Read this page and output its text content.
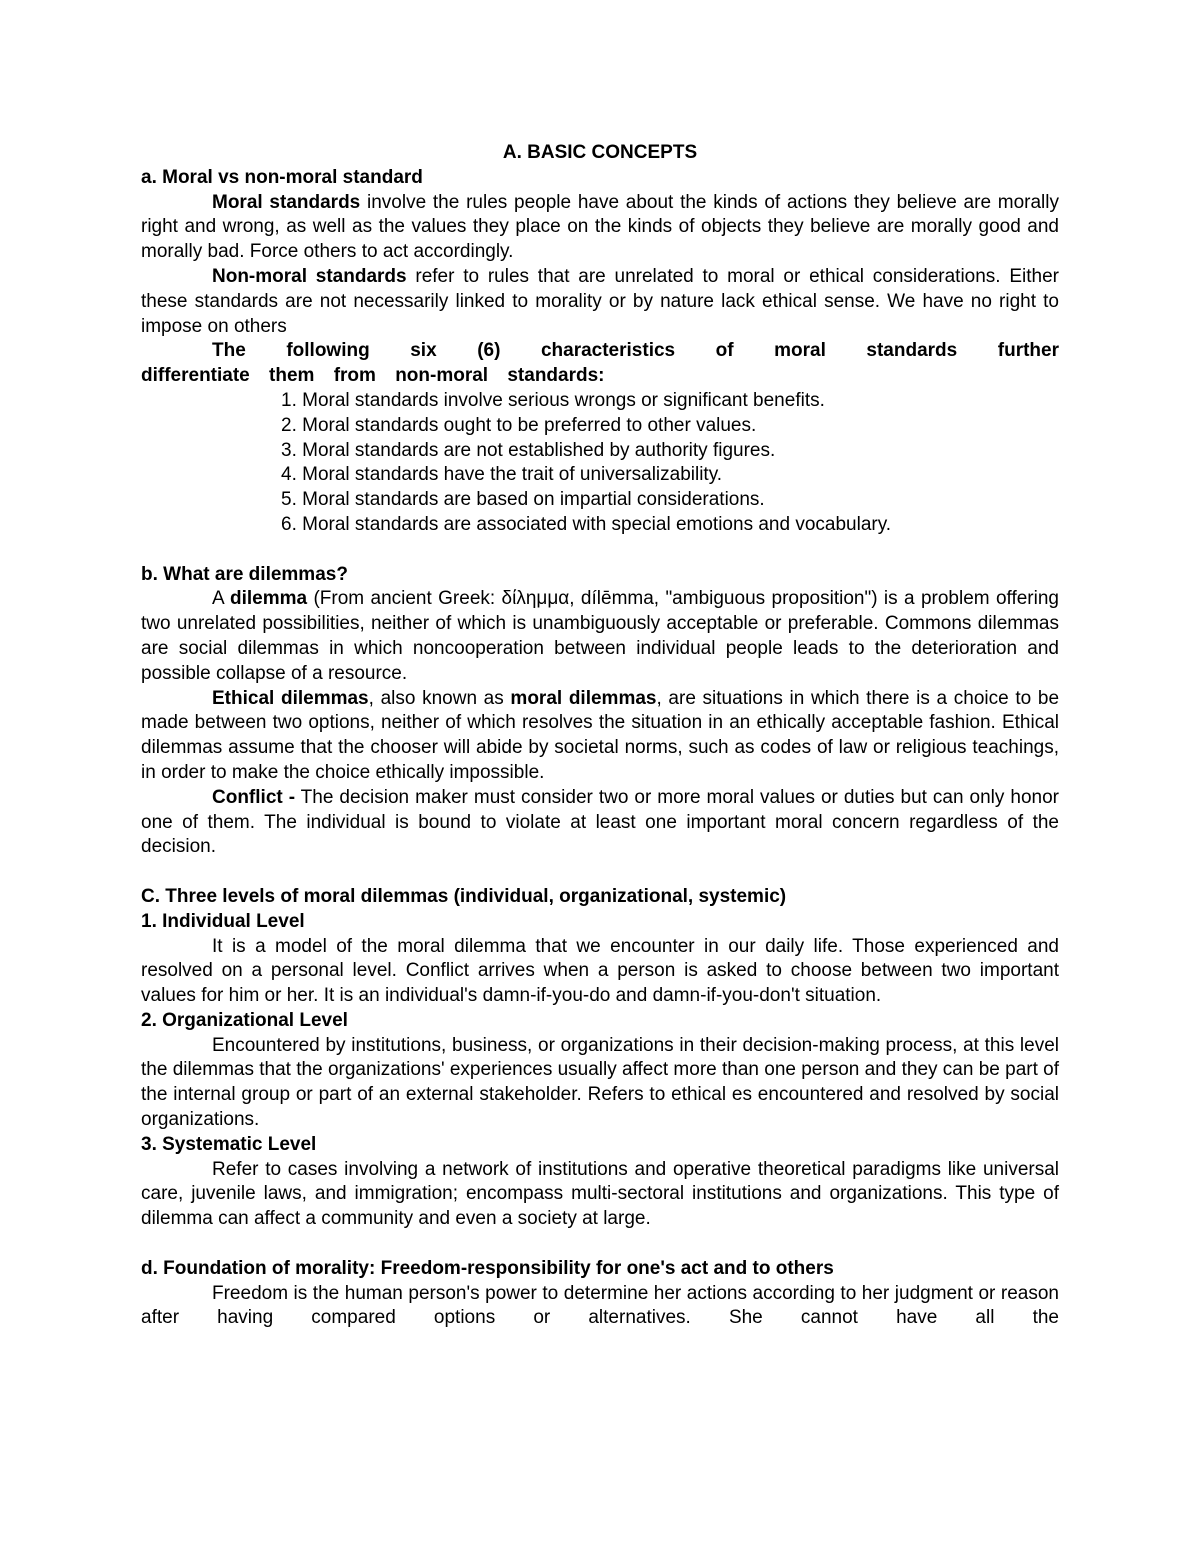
A. BASIC CONCEPTS
a. Moral vs non-moral standard
Moral standards involve the rules people have about the kinds of actions they believe are morally right and wrong, as well as the values they place on the kinds of objects they believe are morally good and morally bad. Force others to act accordingly.
Non-moral standards refer to rules that are unrelated to moral or ethical considerations. Either these standards are not necessarily linked to morality or by nature lack ethical sense. We have no right to impose on others
The following six (6) characteristics of moral standards further
differentiate them from non-moral standards:
1. Moral standards involve serious wrongs or significant benefits.
2. Moral standards ought to be preferred to other values.
3. Moral standards are not established by authority figures.
4. Moral standards have the trait of universalizability.
5. Moral standards are based on impartial considerations.
6. Moral standards are associated with special emotions and vocabulary.
b. What are dilemmas?
A dilemma (From ancient Greek: δίλημμα, dílēmma, "ambiguous proposition") is a problem offering two unrelated possibilities, neither of which is unambiguously acceptable or preferable. Commons dilemmas are social dilemmas in which noncooperation between individual people leads to the deterioration and possible collapse of a resource.
Ethical dilemmas, also known as moral dilemmas, are situations in which there is a choice to be made between two options, neither of which resolves the situation in an ethically acceptable fashion. Ethical dilemmas assume that the chooser will abide by societal norms, such as codes of law or religious teachings, in order to make the choice ethically impossible.
Conflict - The decision maker must consider two or more moral values or duties but can only honor one of them. The individual is bound to violate at least one important moral concern regardless of the decision.
C. Three levels of moral dilemmas (individual, organizational, systemic)
1. Individual Level
It is a model of the moral dilemma that we encounter in our daily life. Those experienced and resolved on a personal level. Conflict arrives when a person is asked to choose between two important values for him or her. It is an individual's damn-if-you-do and damn-if-you-don't situation.
2. Organizational Level
Encountered by institutions, business, or organizations in their decision-making process, at this level the dilemmas that the organizations' experiences usually affect more than one person and they can be part of the internal group or part of an external stakeholder. Refers to ethical es encountered and resolved by social organizations.
3. Systematic Level
Refer to cases involving a network of institutions and operative theoretical paradigms like universal care, juvenile laws, and immigration; encompass multi-sectoral institutions and organizations. This type of dilemma can affect a community and even a society at large.
d. Foundation of morality: Freedom-responsibility for one's act and to others
Freedom is the human person's power to determine her actions according to her judgment or reason after having compared options or alternatives. She cannot have all the
